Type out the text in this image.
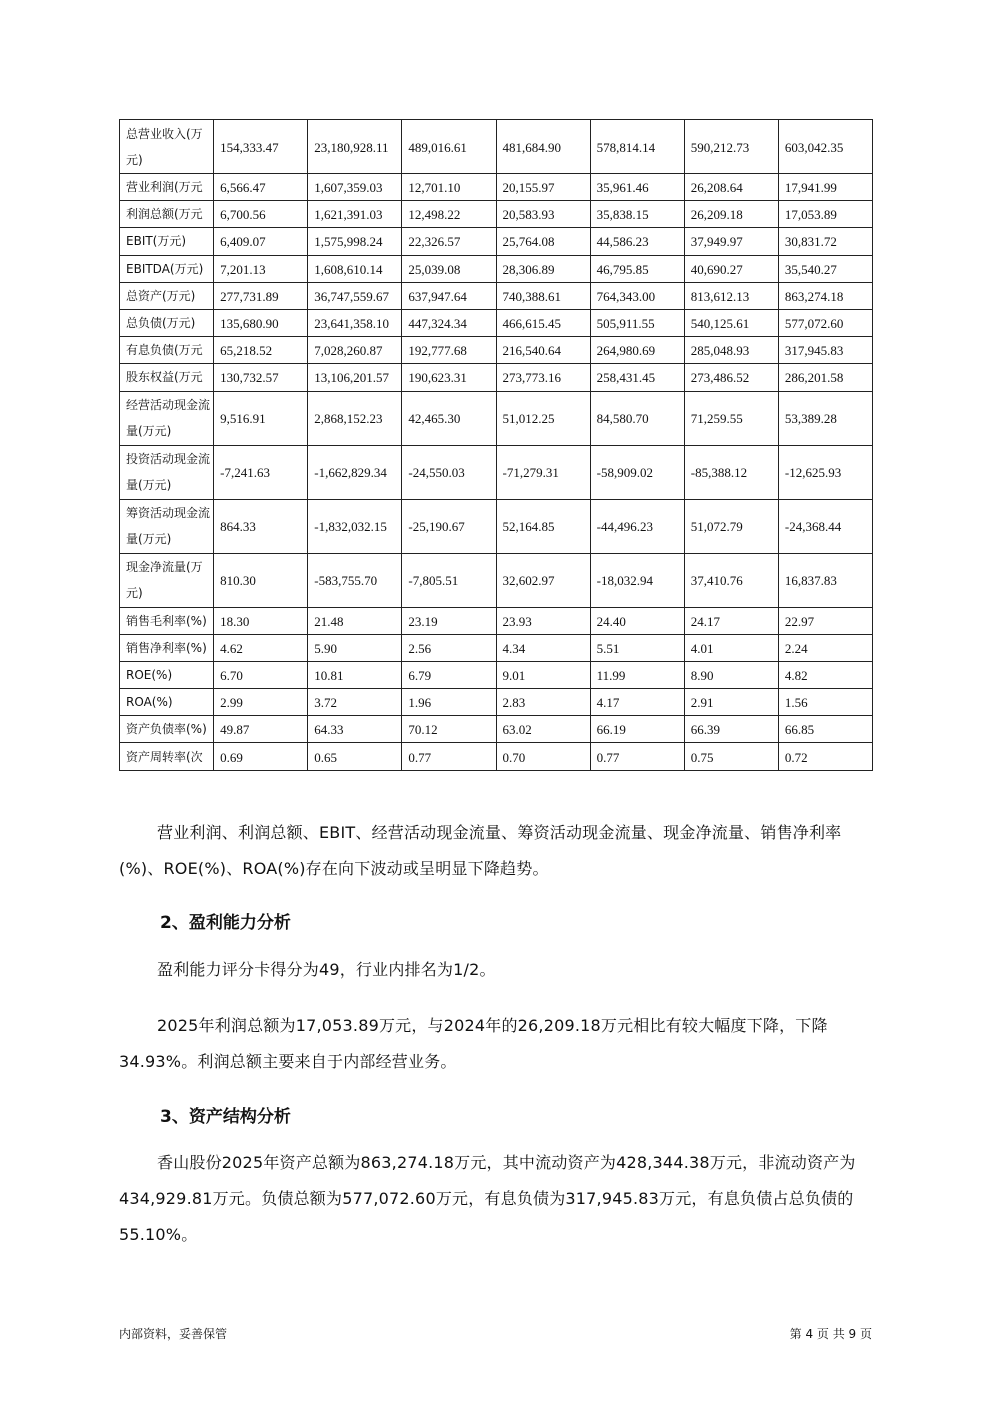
总营业收入(万元)	154,333.47	23,180,928.11	489,016.61	481,684.90	578,814.14	590,212.73	603,042.35
营业利润(万元	6,566.47	1,607,359.03	12,701.10	20,155.97	35,961.46	26,208.64	17,941.99
利润总额(万元	6,700.56	1,621,391.03	12,498.22	20,583.93	35,838.15	26,209.18	17,053.89
EBIT(万元)	6,409.07	1,575,998.24	22,326.57	25,764.08	44,586.23	37,949.97	30,831.72
EBITDA(万元)	7,201.13	1,608,610.14	25,039.08	28,306.89	46,795.85	40,690.27	35,540.27
总资产(万元)	277,731.89	36,747,559.67	637,947.64	740,388.61	764,343.00	813,612.13	863,274.18
总负债(万元)	135,680.90	23,641,358.10	447,324.34	466,615.45	505,911.55	540,125.61	577,072.60
有息负债(万元	65,218.52	7,028,260.87	192,777.68	216,540.64	264,980.69	285,048.93	317,945.83
股东权益(万元	130,732.57	13,106,201.57	190,623.31	273,773.16	258,431.45	273,486.52	286,201.58
经营活动现金流量(万元)	9,516.91	2,868,152.23	42,465.30	51,012.25	84,580.70	71,259.55	53,389.28
投资活动现金流量(万元)	-7,241.63	-1,662,829.34	-24,550.03	-71,279.31	-58,909.02	-85,388.12	-12,625.93
筹资活动现金流量(万元)	864.33	-1,832,032.15	-25,190.67	52,164.85	-44,496.23	51,072.79	-24,368.44
现金净流量(万元)	810.30	-583,755.70	-7,805.51	32,602.97	-18,032.94	37,410.76	16,837.83
销售毛利率(%)	18.30	21.48	23.19	23.93	24.40	24.17	22.97
销售净利率(%)	4.62	5.90	2.56	4.34	5.51	4.01	2.24
ROE(%)	6.70	10.81	6.79	9.01	11.99	8.90	4.82
ROA(%)	2.99	3.72	1.96	2.83	4.17	2.91	1.56
资产负债率(%)	49.87	64.33	70.12	63.02	66.19	66.39	66.85
资产周转率(次	0.69	0.65	0.77	0.70	0.77	0.75	0.72
营业利润、利润总额、EBIT、经营活动现金流量、筹资活动现金流量、现金净流量、销售净利率(%)、ROE(%)、ROA(%)存在向下波动或呈明显下降趋势。
2、盈利能力分析
盈利能力评分卡得分为49，行业内排名为1/2。
2025年利润总额为17,053.89万元，与2024年的26,209.18万元相比有较大幅度下降，下降34.93%。利润总额主要来自于内部经营业务。
3、资产结构分析
香山股份2025年资产总额为863,274.18万元，其中流动资产为428,344.38万元，非流动资产为434,929.81万元。负债总额为577,072.60万元，有息负债为317,945.83万元，有息负债占总负债的55.10%。
内部资料，妥善保管	第 4 页 共 9 页
